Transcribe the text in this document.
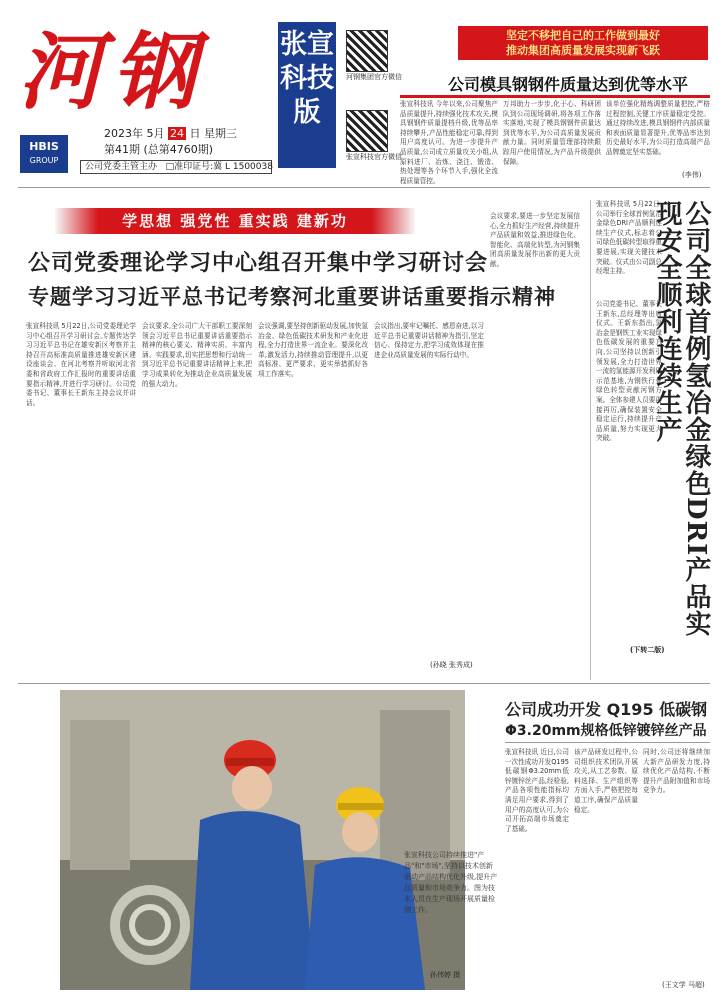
河钢
HBIS
GROUP
2023年 5月 24 日 星期三
第41期 (总第4760期)
公司党委主管主办 □准印证号:冀 L 1500038
张宣科技版
河钢集团官方微信
张宣科技官方微信
坚定不移把自己的工作做到最好
推动集团高质量发展实现新飞跃
公司模具钢钢件质量达到优等水平
张宣科技讯 今年以来,公司聚焦产品质量提升,持续强化技术攻关,模具钢钢件质量提档升级,优等品率持续攀升,产品性能稳定可靠,得到用户高度认可。为进一步提升产品质量,公司成立质量攻关小组,从原料进厂、冶炼、浇注、锻造、热处理等各个环节入手,强化全流程质量管控。
万邦助力一步步,化于心、科研团队到公司现场调研,将各项工作落实落地,实现了模具钢钢件质量达到优等水平,为公司高质量发展贡献力量。同时质量管理部持续跟踪用户使用情况,为产品升级提供保障。
该单位强化精炼调整质量把控,严格过程控制,关键工序质量稳定受控。通过持续改进,模具钢钢件内部质量和表面质量显著提升,优等品率达到历史最好水平,为公司打造高端产品品牌奠定坚实基础。
(李伟)
学思想 强党性 重实践 建新功
公司党委理论学习中心组召开集中学习研讨会
专题学习习近平总书记考察河北重要讲话重要指示精神
张宣科技讯 5月22日,公司党委理论学习中心组召开学习研讨会,专题传达学习习近平总书记在雄安新区考察并主持召开高标准高质量推进雄安新区建设座谈会、在河北考察并听取河北省委和省政府工作汇报时的重要讲话重要指示精神,并进行学习研讨。公司党委书记、董事长王新东主持会议并讲话。
会议要求,全公司广大干部职工要深刻领会习近平总书记重要讲话重要指示精神的核心要义、精神实质、丰富内涵、实践要求,切实把思想和行动统一到习近平总书记重要讲话精神上来,把学习成果转化为推动企业高质量发展的强大动力。
会议强调,要坚持创新驱动发展,加快氢冶金、绿色低碳技术研发和产业化进程,全力打造世界一流企业。要深化改革,激发活力,持续推动管理提升,以更高标准、更严要求、更实举措抓好各项工作落实。
会议指出,要牢记嘱托、感恩奋进,以习近平总书记重要讲话精神为指引,坚定信心、保持定力,把学习成效体现在推进企业高质量发展的实际行动中。
会议要求,要进一步坚定发展信心,全力抓好生产经营,持续提升产品质量和效益,推进绿色化、智能化、高端化转型,为河钢集团高质量发展作出新的更大贡献。
(孙晓 张秀成)
公司全球首例氢冶金绿色DRI产品实现安全顺利连续生产
张宣科技讯 5月22日,公司举行全球首例氢冶金绿色DRI产品顺利连续生产仪式,标志着公司绿色低碳转型取得重要进展,实现关键技术突破。仪式由公司副总经理主持。
公司党委书记、董事长王新东,总经理等出席仪式。王新东指出,氢冶金是钢铁工业实现绿色低碳发展的重要方向,公司坚持以创新引领发展,全力打造世界一流的氢能源开发利用示范基地,为钢铁行业绿色转型贡献河钢方案。全体参建人员要再接再厉,确保装置安全稳定运行,持续提升产品质量,努力实现更大突破。
(下转二版)
张宣科技公司持续推进"产品"和"市场",坚持以技术创新驱动产品结构优化升级,提升产品质量和市场竞争力。图为技术人员在生产现场开展质量检测工作。
孙伟婷 摄
公司成功开发 Q195 低碳钢
Φ3.20mm规格低锌镀锌丝产品
张宣科技讯 近日,公司一次性成功开发Q195低碳钢Φ3.20mm低锌镀锌丝产品,经检验,产品各项性能指标均满足用户要求,得到了用户的高度认可,为公司开拓高端市场奠定了基础。
该产品研发过程中,公司组织技术团队开展攻关,从工艺参数、原料选择、生产组织等方面入手,严格把控每道工序,确保产品质量稳定。
同时,公司还将继续加大新产品研发力度,持续优化产品结构,不断提升产品附加值和市场竞争力。
(王文学 马超)
